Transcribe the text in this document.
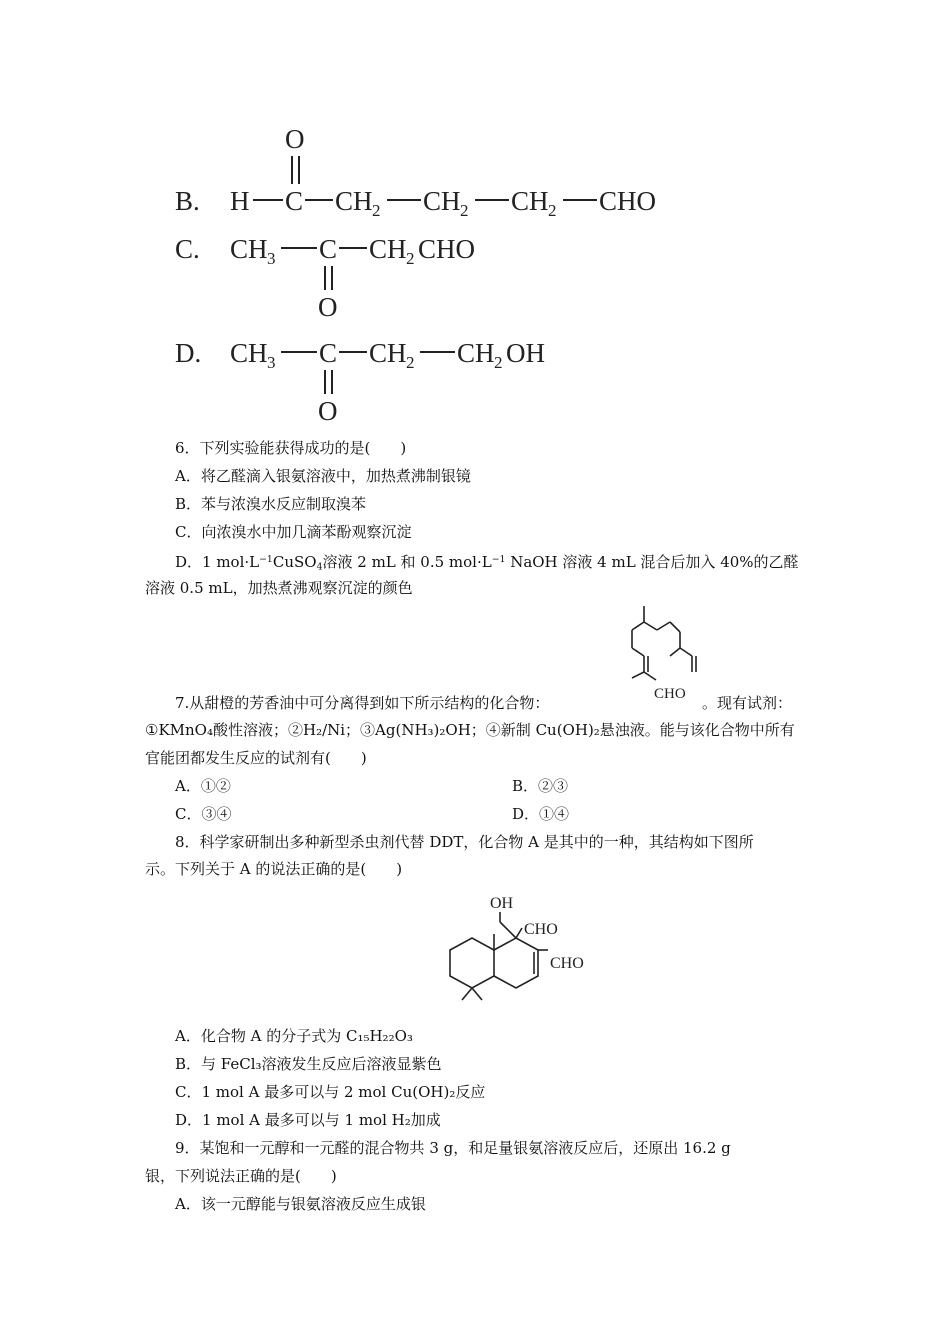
B.
O
H C CH 2 CH 2 CH 2 CHO
C. CH 3 C CH 2 CHO
O
D. CH 3 C CH 2 CH 2 OH
O
6．下列实验能获得成功的是(　　)
A．将乙醛滴入银氨溶液中，加热煮沸制银镜
B．苯与浓溴水反应制取溴苯
C．向浓溴水中加几滴苯酚观察沉淀
D．1 $mol\cdot L^{-1}CuSO_4$溶液 2 mL 和 0.5 $mol\cdot L^{-1}$ NaOH 溶液 4 mL 混合后加入 40%的乙醛
溶液 0.5 mL，加热煮沸观察沉淀的颜色
CHO
7.从甜橙的芳香油中可分离得到如下所示结构的化合物：	。现有试剂：
①KMnO₄酸性溶液；②H₂/Ni；③Ag(NH₃)₂OH；④新制 Cu(OH)₂悬浊液。能与该化合物中所有
官能团都发生反应的试剂有(　　)
A．①②	B．②③
C．③④	D．①④
8．科学家研制出多种新型杀虫剂代替 DDT，化合物 A 是其中的一种，其结构如下图所
示。下列关于 A 的说法正确的是(　　)
OH
CHO
CHO
A．化合物 A 的分子式为 C₁₅H₂₂O₃
B．与 FeCl₃溶液发生反应后溶液显紫色
C．1 mol A 最多可以与 2 mol Cu(OH)₂反应
D．1 mol A 最多可以与 1 mol H₂加成
9．某饱和一元醇和一元醛的混合物共 3 g，和足量银氨溶液反应后，还原出 16.2 g
银，下列说法正确的是(　　)
A．该一元醇能与银氨溶液反应生成银
